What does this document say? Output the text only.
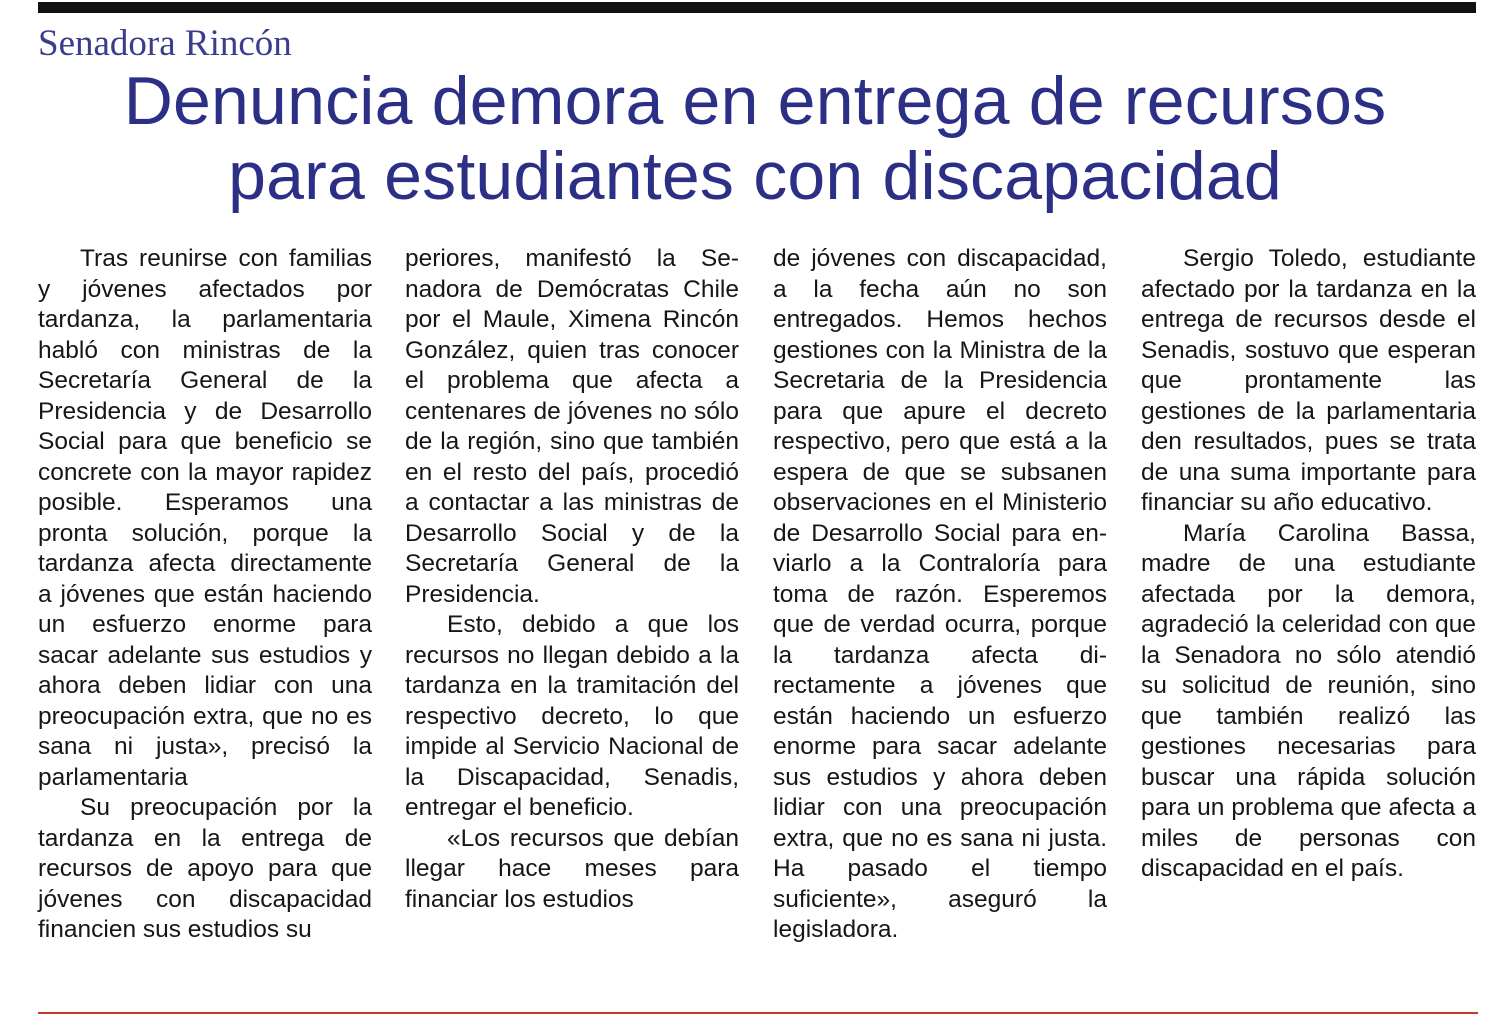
Senadora Rincón
Denuncia demora en entrega de recursos
para estudiantes con discapacidad

Tras reunirse con familias y jóvenes afectados por tardanza, la parlamentaria habló con ministras de la Secretaría General de la Presidencia y de Desarrollo Social para que beneficio se concrete con la mayor rapidez posible. Esperamos una pronta solución, porque la tardanza afecta directamente a jóvenes que están haciendo un esfuerzo enorme para sacar adelante sus estudios y ahora deben lidiar con una preocupación extra, que no es sana ni justa», precisó la parlamentaria

Su preocupación por la tardanza en la entrega de recursos de apoyo para que jóvenes con discapacidad financien sus estudios su

periores, manifestó la Senadora de Demócratas Chile por el Maule, Ximena Rincón González, quien tras conocer el problema que afecta a centenares de jóvenes no sólo de la región, sino que también en el resto del país, procedió a contactar a las ministras de Desarrollo Social y de la Secretaría General de la Presidencia.

Esto, debido a que los recursos no llegan debido a la tardanza en la tramitación del respectivo decreto, lo que impide al Servicio Nacional de la Discapacidad, Senadis, entregar el beneficio.

«Los recursos que debían llegar hace meses para financiar los estudios

de jóvenes con discapacidad, a la fecha aún no son entregados. Hemos hechos gestiones con la Ministra de la Secretaria de la Presidencia para que apure el decreto respectivo, pero que está a la espera de que se subsanen observaciones en el Ministerio de Desarrollo Social para enviarlo a la Contraloría para toma de razón. Esperemos que de verdad ocurra, porque la tardanza afecta directamente a jóvenes que están haciendo un esfuerzo enorme para sacar adelante sus estudios y ahora deben lidiar con una preocupación extra, que no es sana ni justa. Ha pasado el tiempo suficiente», aseguró la legisladora.

Sergio Toledo, estudiante afectado por la tardanza en la entrega de recursos desde el Senadis, sostuvo que esperan que prontamente las gestiones de la parlamentaria den resultados, pues se trata de una suma importante para financiar su año educativo.

María Carolina Bassa, madre de una estudiante afectada por la demora, agradeció la celeridad con que la Senadora no sólo atendió su solicitud de reunión, sino que también realizó las gestiones necesarias para buscar una rápida solución para un problema que afecta a miles de personas con discapacidad en el país.
